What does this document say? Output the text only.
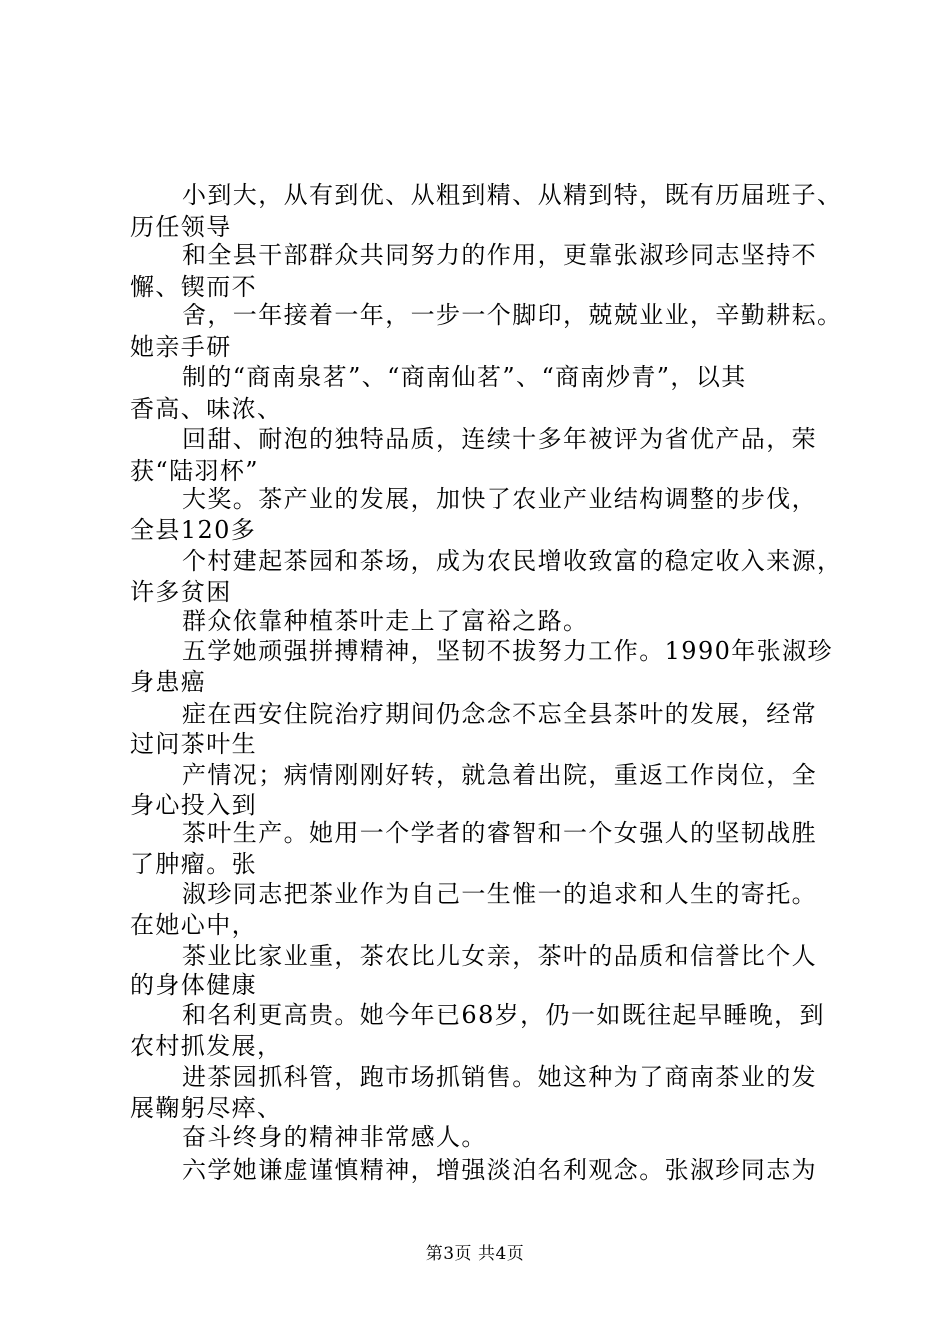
小到大，从有到优、从粗到精、从精到特，既有历届班子、
历任领导
和全县干部群众共同努力的作用，更靠张淑珍同志坚持不
懈、锲而不
舍，一年接着一年，一步一个脚印，兢兢业业，辛勤耕耘。
她亲手研
制的“商南泉茗”、“商南仙茗”、“商南炒青”，以其
香高、味浓、
回甜、耐泡的独特品质，连续十多年被评为省优产品，荣
获“陆羽杯”
大奖。茶产业的发展，加快了农业产业结构调整的步伐，
全县120多
个村建起茶园和茶场，成为农民增收致富的稳定收入来源，
许多贫困
群众依靠种植茶叶走上了富裕之路。
五学她顽强拼搏精神，坚韧不拔努力工作。1990年张淑珍
身患癌
症在西安住院治疗期间仍念念不忘全县茶叶的发展，经常
过问茶叶生
产情况；病情刚刚好转，就急着出院，重返工作岗位，全
身心投入到
茶叶生产。她用一个学者的睿智和一个女强人的坚韧战胜
了肿瘤。张
淑珍同志把茶业作为自己一生惟一的追求和人生的寄托。
在她心中，
茶业比家业重，茶农比儿女亲，茶叶的品质和信誉比个人
的身体健康
和名利更高贵。她今年已68岁，仍一如既往起早睡晚，到
农村抓发展，
进茶园抓科管，跑市场抓销售。她这种为了商南茶业的发
展鞠躬尽瘁、
奋斗终身的精神非常感人。
六学她谦虚谨慎精神，增强淡泊名利观念。张淑珍同志为
第3页 共4页
